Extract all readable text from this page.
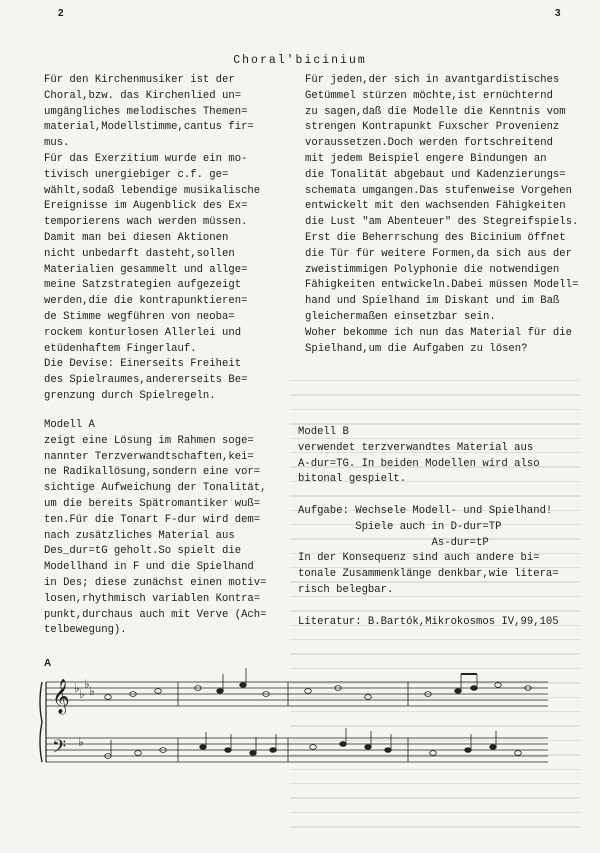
2	3
Choral'bicinium
Für den Kirchenmusiker ist der
Choral,bzw. das Kirchenlied un=
umgängliches melodisches Themen=
material,Modellstimme,cantus fir=
mus.
Für das Exerzitium wurde ein mo-
tivisch unergiebiger c.f. ge=
wählt,sodaß lebendige musikalische
Ereignisse im Augenblick des Ex=
temporierens wach werden müssen.
Damit man bei diesen Aktionen
nicht unbedarft dasteht,sollen
Materialien gesammelt und allge=
meine Satzstrategien aufgezeigt
werden,die die kontrapunktieren=
de Stimme wegführen von neoba=
rockem konturlosen Allerlei und
etüdenhaftem Fingerlauf.
Die Devise: Einerseits Freiheit
des Spielraumes,andererseits Be=
grenzung durch Spielregeln.
Für jeden,der sich in avantgardistisches
Getümmel stürzen möchte,ist ernüchternd
zu sagen,daß die Modelle die Kenntnis vom
strengen Kontrapunkt Fuxscher Provenienz
voraussetzen.Doch werden fortschreitend
mit jedem Beispiel engere Bindungen an
die Tonalität abgebaut und Kadenzierungs=
schemata umgangen.Das stufenweise Vorgehen
entwickelt mit den wachsenden Fähigkeiten
die Lust "am Abenteuer" des Stegreifspiels.
Erst die Beherrschung des Bicinium öffnet
die Tür für weitere Formen,da sich aus der
zweistimmigen Polyphonie die notwendigen
Fähigkeiten entwickeln.Dabei müssen Modell=
hand und Spielhand im Diskant und im Baß
gleichermaßen einsetzbar sein.
Woher bekomme ich nun das Material für die
Spielhand,um die Aufgaben zu lösen?
Modell A
zeigt eine Lösung im Rahmen soge=
nannter Terzverwandtschaften,kei=
ne Radikallösung,sondern eine vor=
sichtige Aufweichung der Tonalität,
um die bereits Spätromantiker wuß=
ten.Für die Tonart F-dur wird dem=
nach zusätzliches Material aus
Des_dur=tG geholt.So spielt die
Modellhand in F und die Spielhand
in Des; diese zunächst einen motiv=
losen,rhythmisch variablen Kontra=
punkt,durchaus auch mit Verve (Ach=
telbewegung).
Modell B
verwendet terzverwandtes Material aus
A-dur=TG. In beiden Modellen wird also
bitonal gespielt.

Aufgabe: Wechsele Modell- und Spielhand!
Spiele auch in D-dur=TP
As-dur=tP
In der Konsequenz sind auch andere bi=
tonale Zusammenklänge denkbar,wie litera=
risch belegbar.

Literatur: B.Bartók,Mikrokosmos IV,99,105
A
𝄞
𝄢
♭ ♭
♭ ♭
♭
